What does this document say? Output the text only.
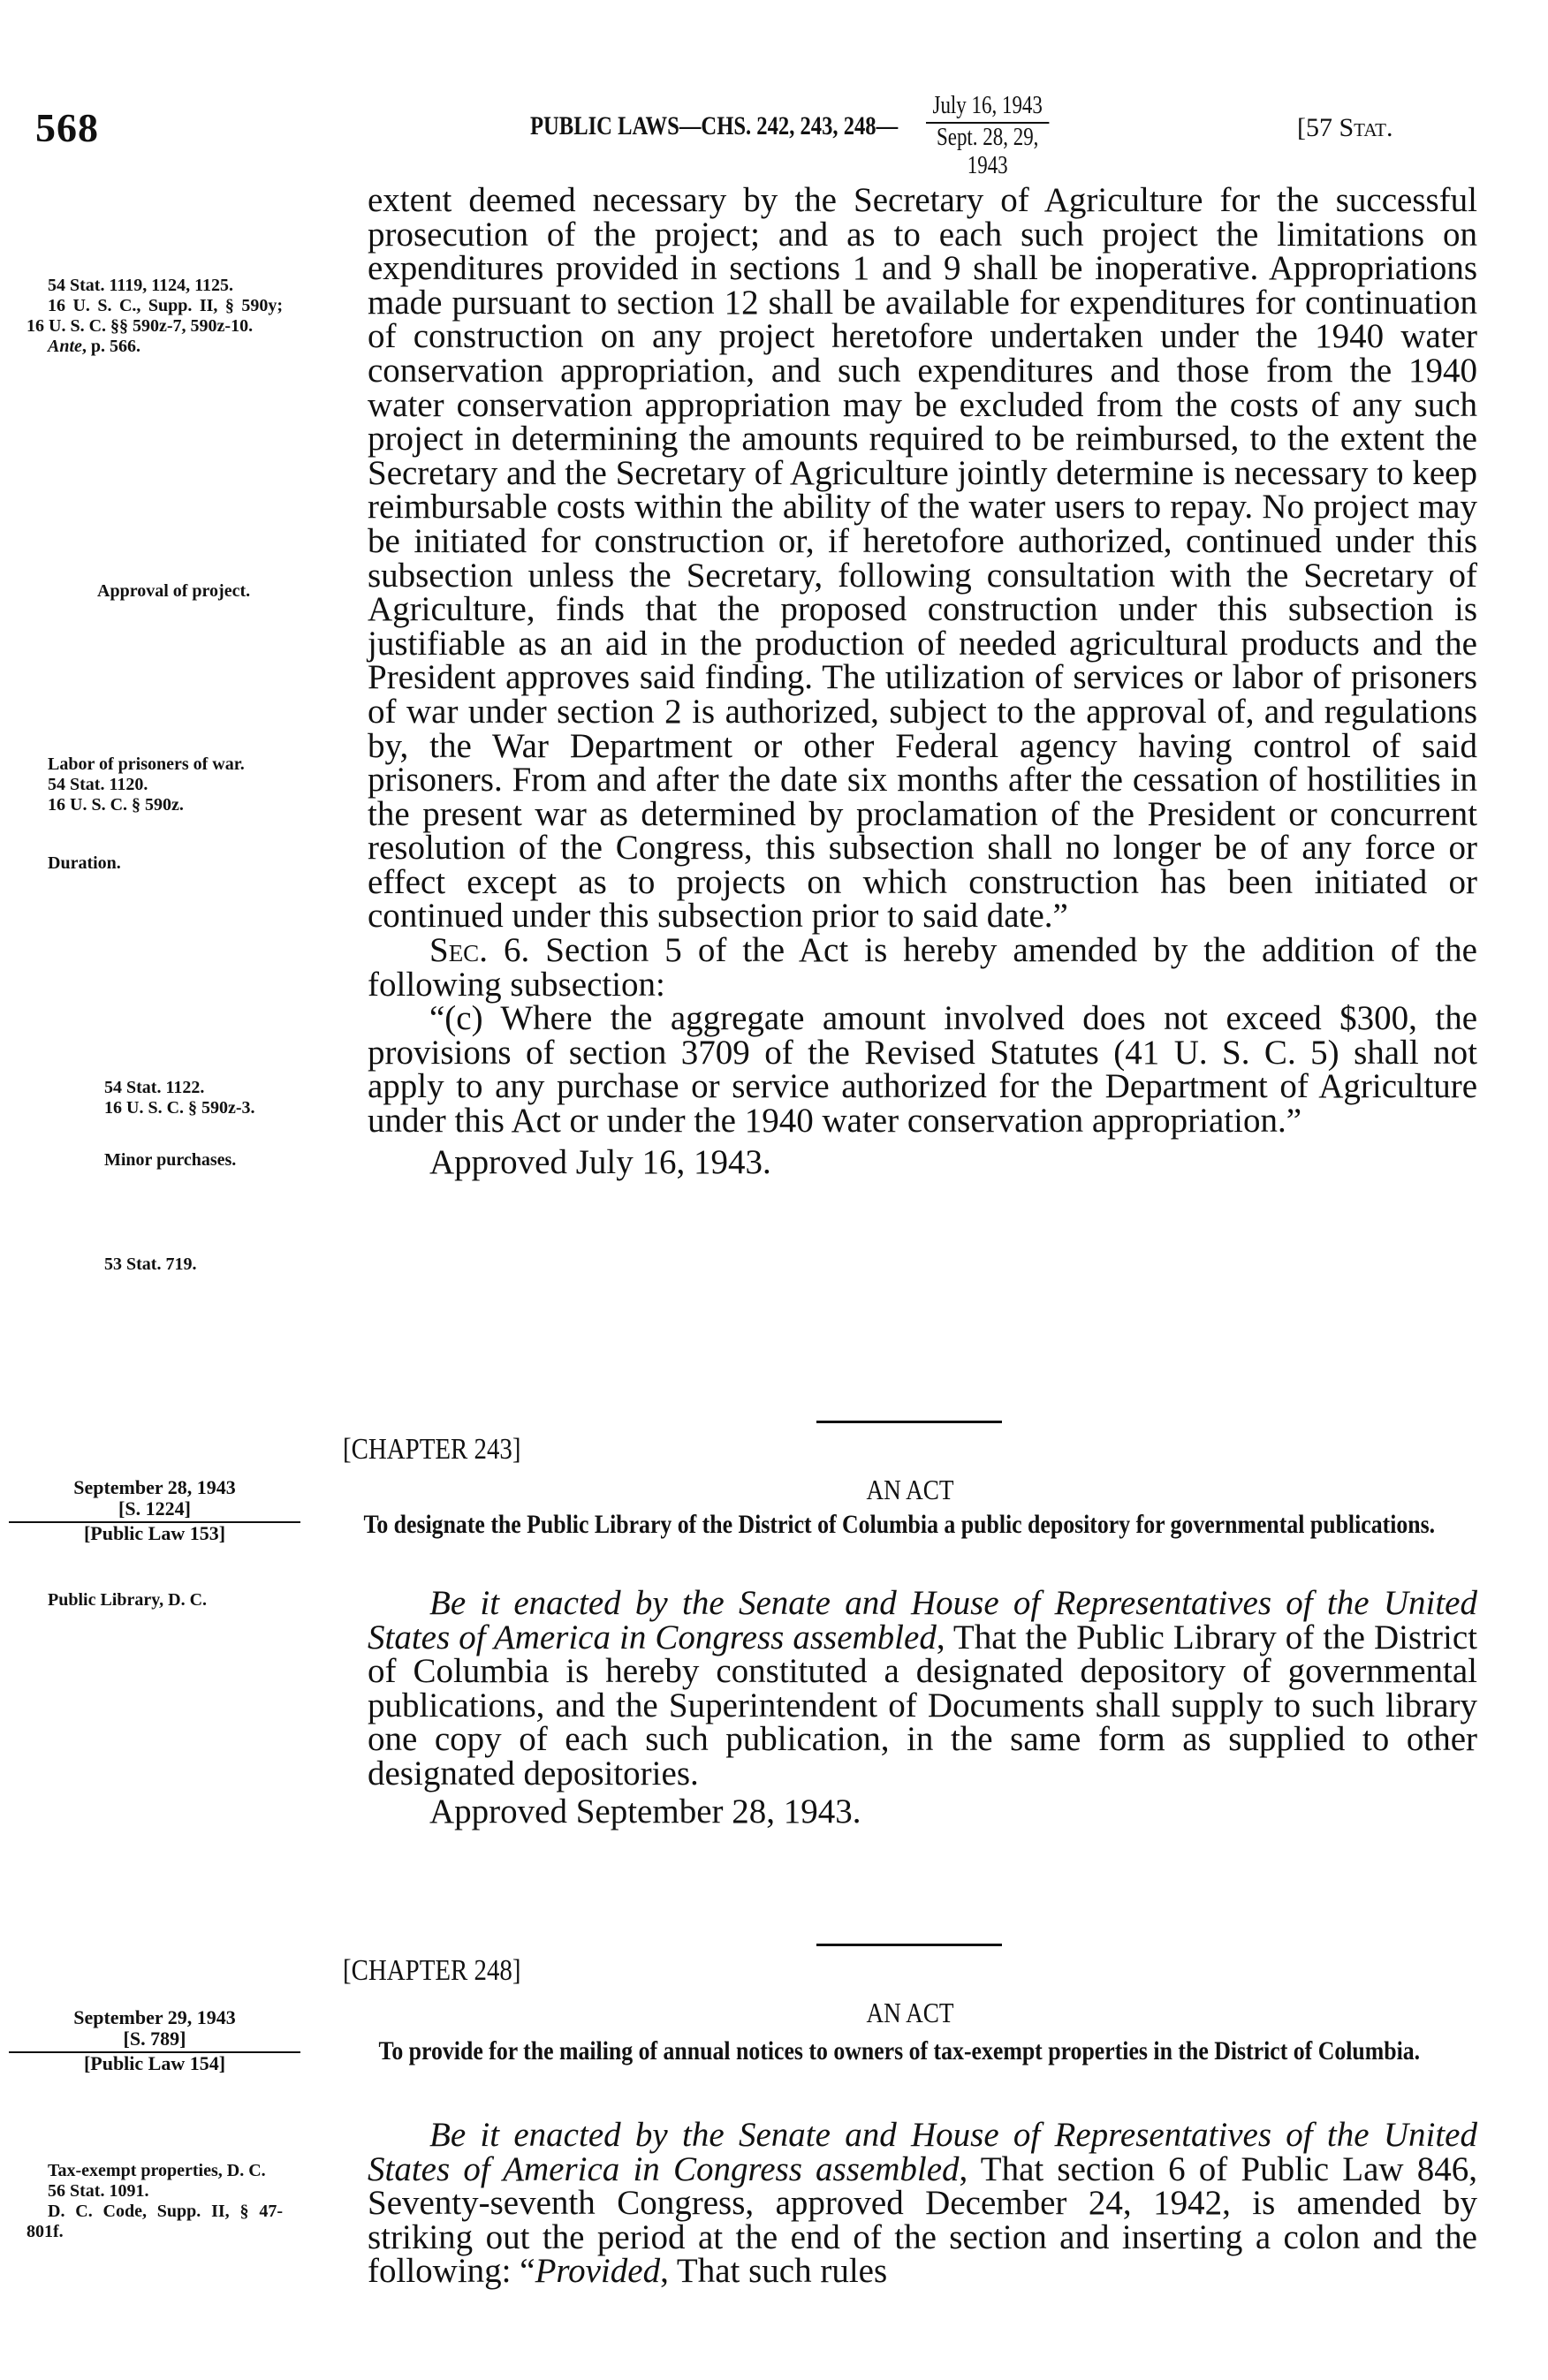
568	PUBLIC LAWS—CHS. 242, 243, 248—
July 16, 1943
Sept. 28, 29, 1943
[57 Stat.

54 Stat. 1119, 1124, 1125.

16 U. S. C., Supp. II, § 590y; 16 U. S. C. §§ 590z-7, 590z-10.

Ante, p. 566.

Approval of project.

Labor of prisoners of war.

54 Stat. 1120.

16 U. S. C. § 590z.

Duration.

54 Stat. 1122.

16 U. S. C. § 590z-3.

Minor purchases.
53 Stat. 719.

Public Library, D. C.

Tax-exempt properties, D. C.

56 Stat. 1091.

D. C. Code, Supp. II, § 47-801f.

September 28, 1943
[S. 1224]
[Public Law 153]
September 29, 1943
[S. 789]
[Public Law 154]

extent deemed necessary by the Secretary of Agriculture for the successful prosecution of the project; and as to each such project the limitations on expenditures provided in sections 1 and 9 shall be inoperative. Appropriations made pursuant to section 12 shall be available for expenditures for continuation of construction on any project heretofore undertaken under the 1940 water conservation appropriation, and such expenditures and those from the 1940 water conservation appropriation may be excluded from the costs of any such project in determining the amounts required to be reimbursed, to the extent the Secretary and the Secretary of Agriculture jointly determine is necessary to keep reimbursable costs within the ability of the water users to repay. No project may be initiated for construction or, if heretofore authorized, continued under this subsection unless the Secretary, following consultation with the Secretary of Agriculture, finds that the proposed construction under this subsection is justifiable as an aid in the production of needed agricultural products and the President approves said finding. The utilization of services or labor of prisoners of war under section 2 is authorized, subject to the approval of, and regulations by, the War Department or other Federal agency having control of said prisoners. From and after the date six months after the cessation of hostilities in the present war as determined by proclamation of the President or concurrent resolution of the Congress, this subsection shall no longer be of any force or effect except as to projects on which construction has been initiated or continued under this subsection prior to said date.”

Sec. 6. Section 5 of the Act is hereby amended by the addition of the following subsection:

“(c) Where the aggregate amount involved does not exceed $300, the provisions of section 3709 of the Revised Statutes (41 U. S. C. 5) shall not apply to any purchase or service authorized for the Department of Agriculture under this Act or under the 1940 water conservation appropriation.”

Approved July 16, 1943.

[CHAPTER 243]
AN ACT
To designate the Public Library of the District of Columbia a public depository for governmental publications.

Be it enacted by the Senate and House of Representatives of the United States of America in Congress assembled, That the Public Library of the District of Columbia is hereby constituted a designated depository of governmental publications, and the Superintendent of Documents shall supply to such library one copy of each such publication, in the same form as supplied to other designated depositories.

Approved September 28, 1943.

[CHAPTER 248]
AN ACT
To provide for the mailing of annual notices to owners of tax-exempt properties in the District of Columbia.

Be it enacted by the Senate and House of Representatives of the United States of America in Congress assembled, That section 6 of Public Law 846, Seventy-seventh Congress, approved December 24, 1942, is amended by striking out the period at the end of the section and inserting a colon and the following: “Provided, That such rules
